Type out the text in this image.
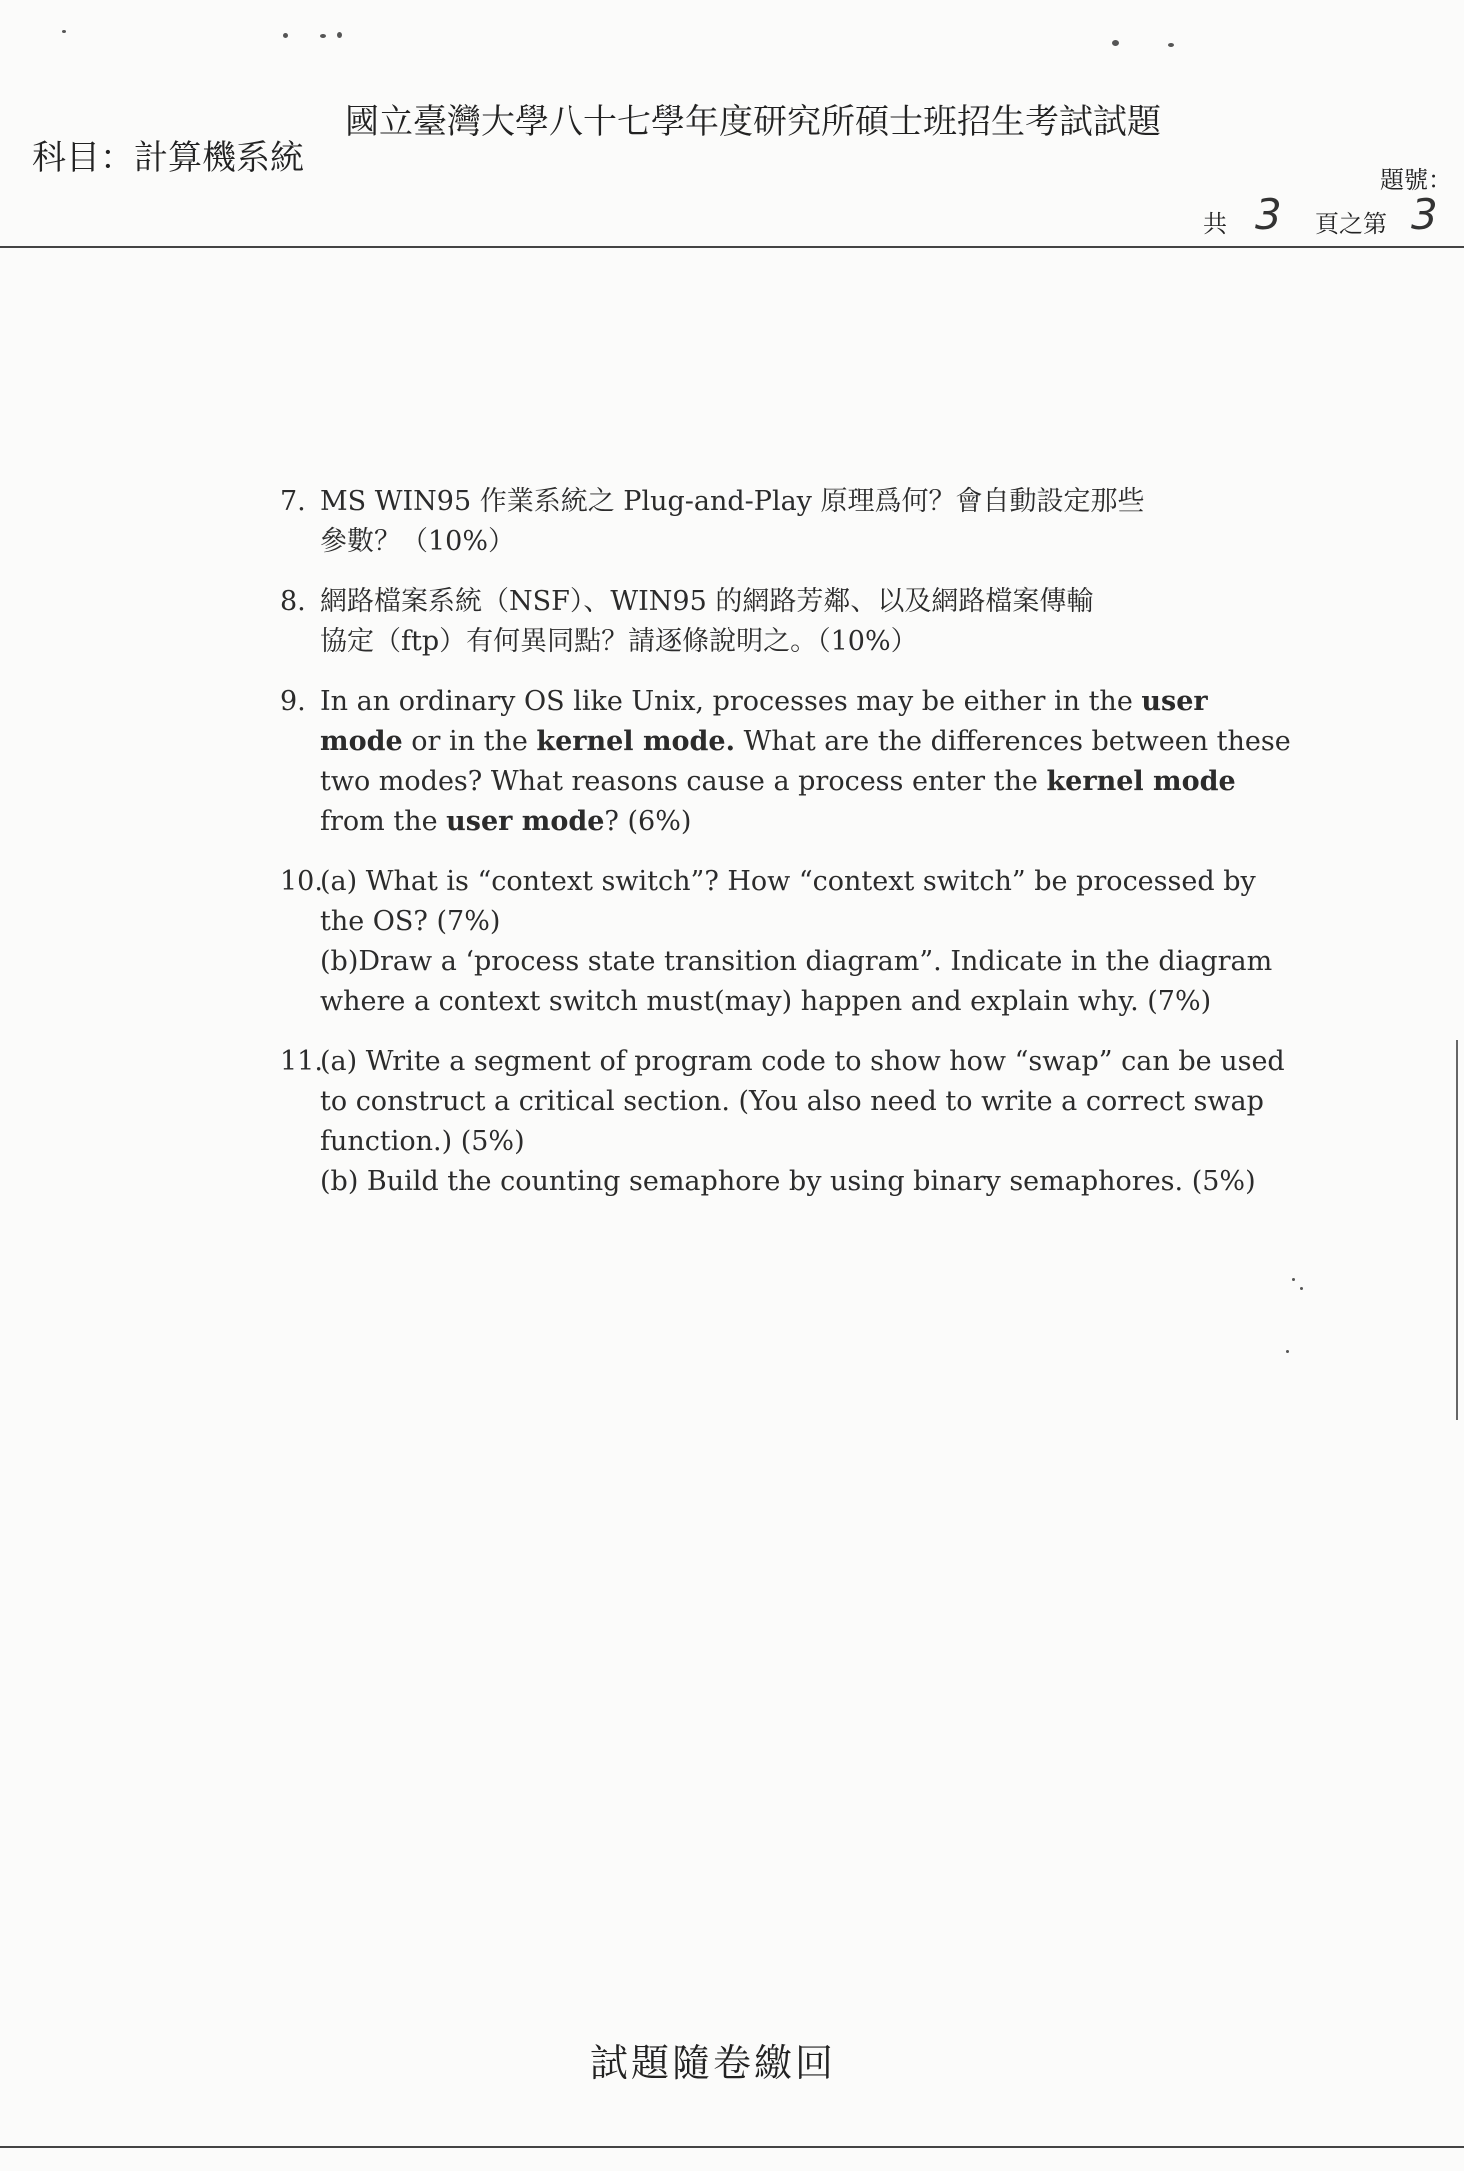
國立臺灣大學八十七學年度研究所碩士班招生考試試題
科目：計算機系統
題號：
共 3 頁之第 3
7. MS WIN95 作業系統之 Plug-and-Play 原理爲何？會自動設定那些
參數？（10%）
8. 網路檔案系統（NSF）、WIN95 的網路芳鄰、以及網路檔案傳輸
協定（ftp）有何異同點？請逐條說明之。（10%）
9. In an ordinary OS like Unix, processes may be either in the user
mode or in the kernel mode. What are the differences between these
two modes? What reasons cause a process enter the kernel mode
from the user mode? (6%)
10.
(a) What is “context switch”? How “context switch” be processed by
the OS? (7%)
(b)Draw a ‘process state transition diagram”. Indicate in the diagram
where a context switch must(may) happen and explain why. (7%)
11.
(a) Write a segment of program code to show how “swap” can be used
to construct a critical section. (You also need to write a correct swap
function.) (5%)
(b) Build the counting semaphore by using binary semaphores. (5%)
試題隨卷繳回
